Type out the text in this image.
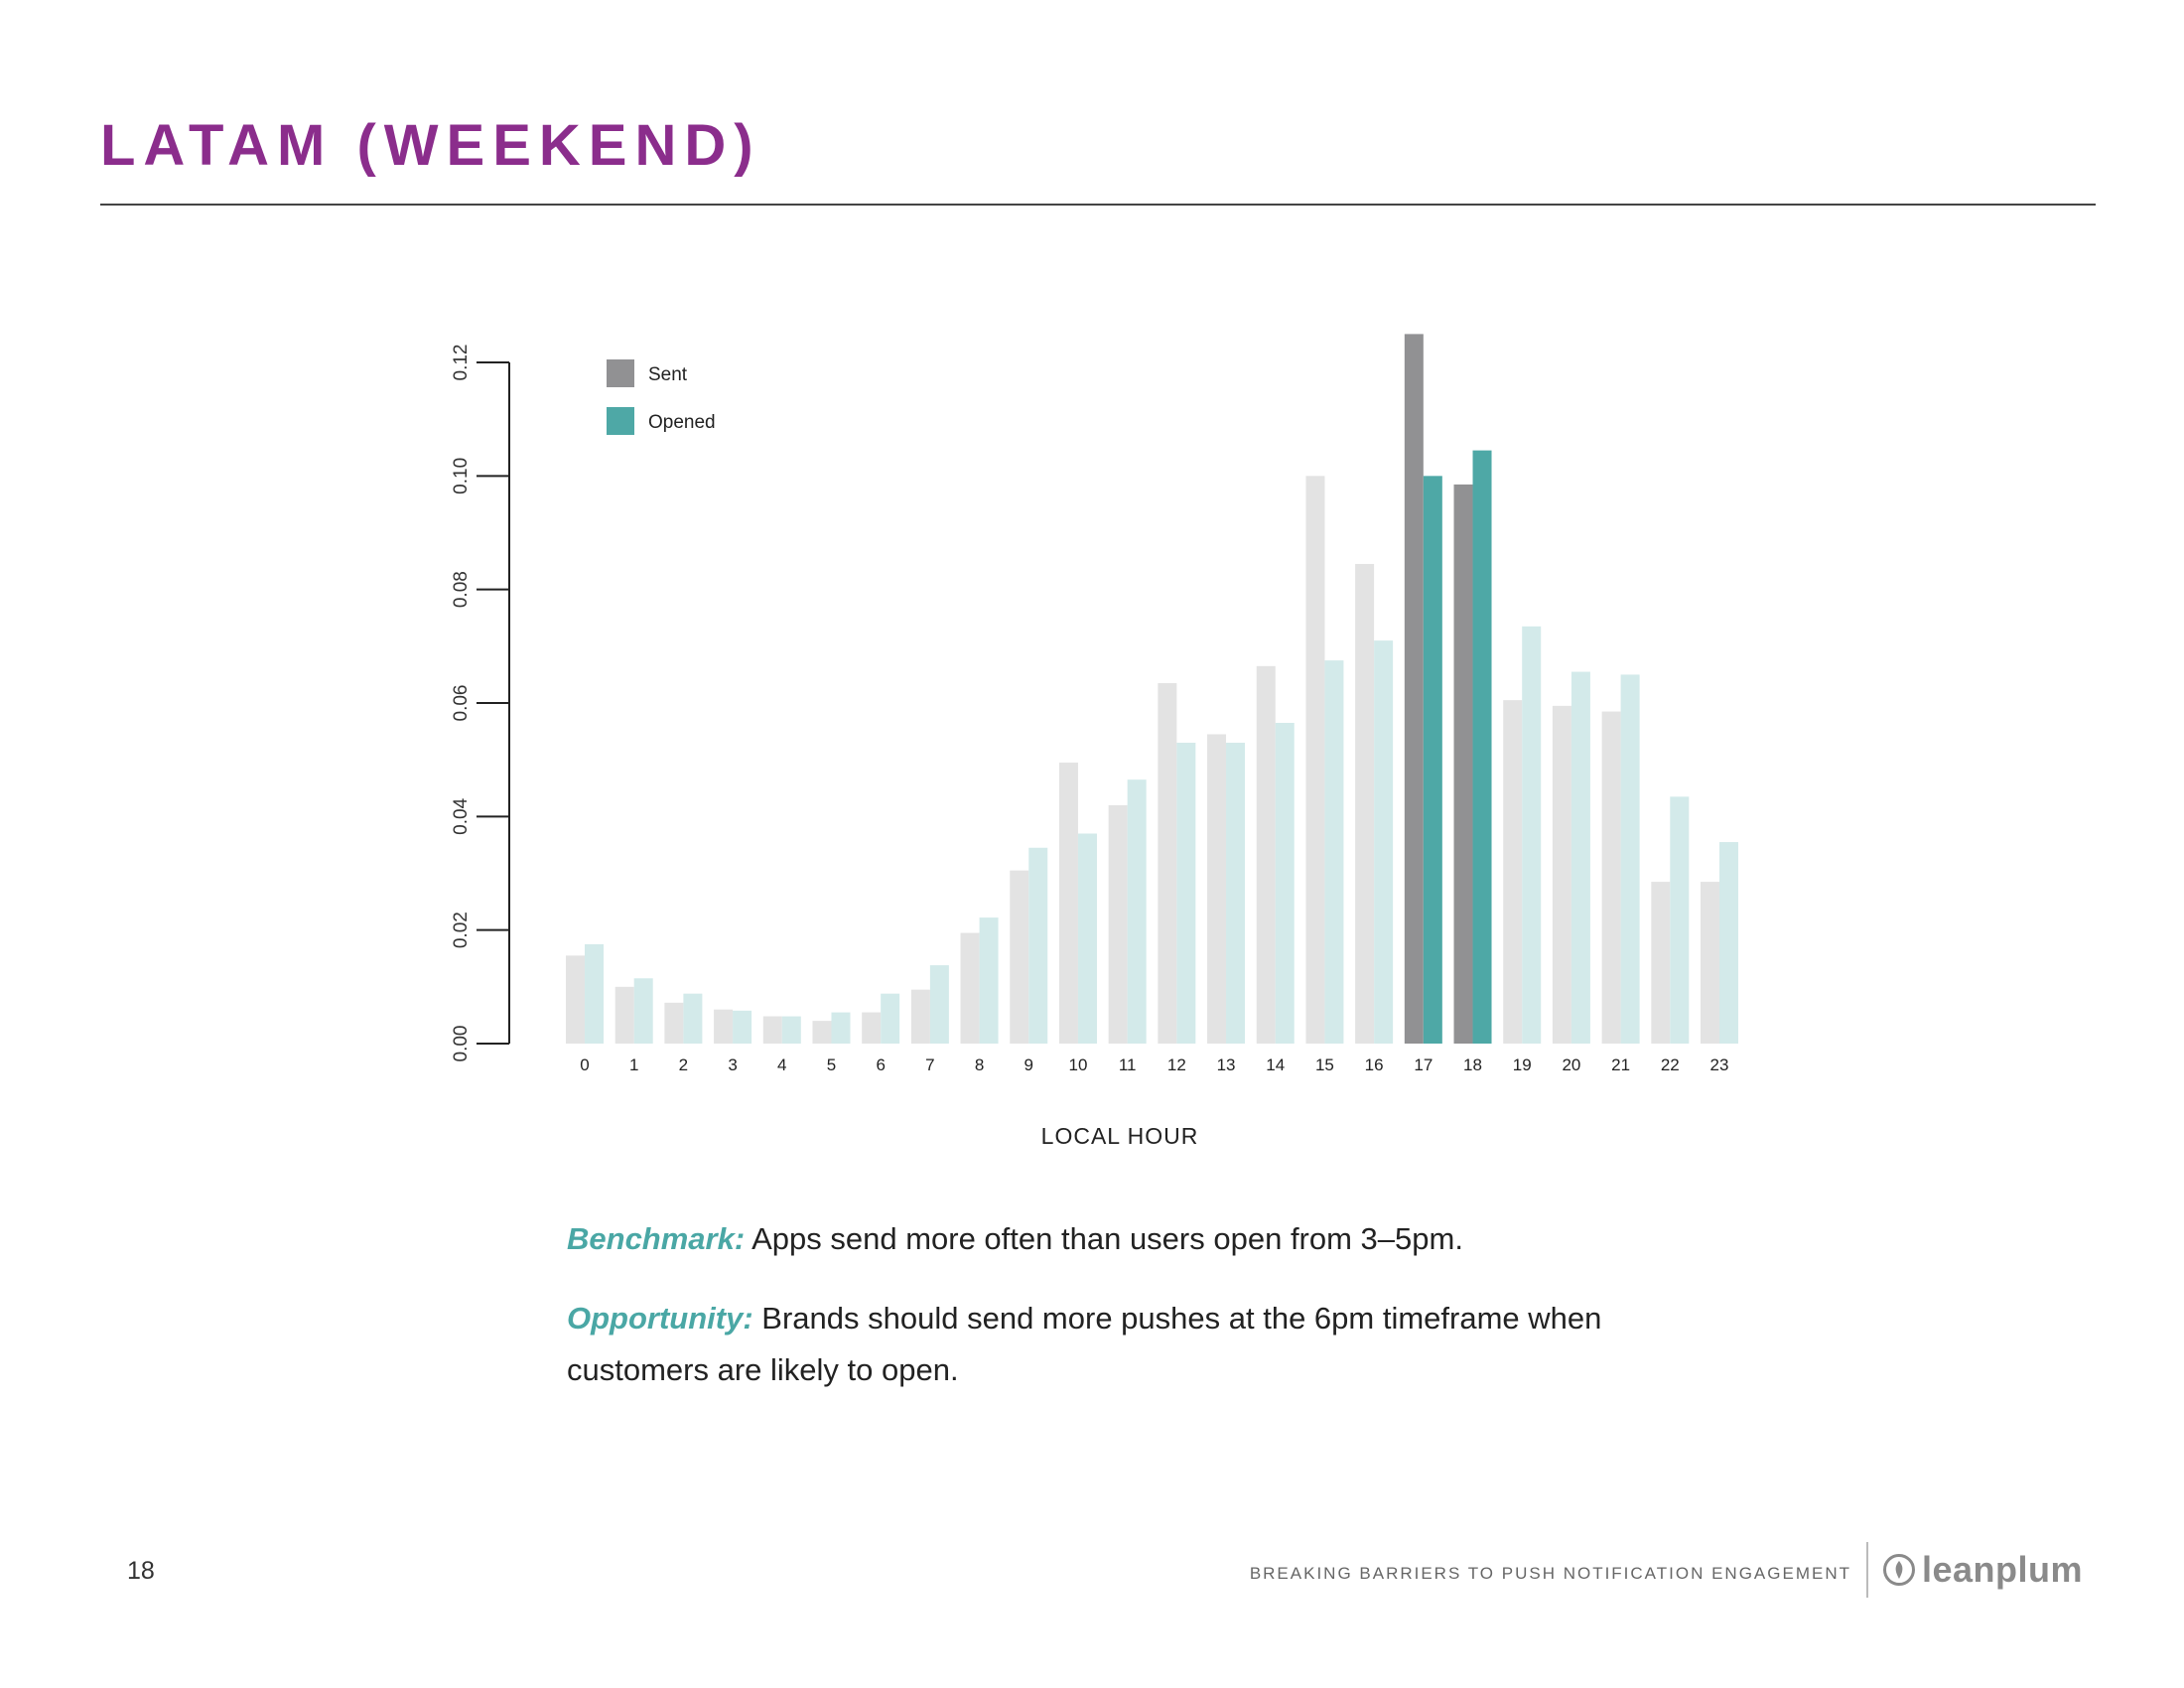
LATAM (WEEKEND)
0.00
0.02
0.04
0.06
0.08
0.10
0.12
0 1 2 3 4 5 6 7 8 9 10 11 12 13 14 15 16 17 18 19 20 21 22 23
Sent
Opened
LOCAL HOUR

Benchmark: Apps send more often than users open from 3–5pm.

Opportunity: Brands should send more pushes at the 6pm timeframe when customers are likely to open.

18	BREAKING BARRIERS TO PUSH NOTIFICATION ENGAGEMENT leanplum
